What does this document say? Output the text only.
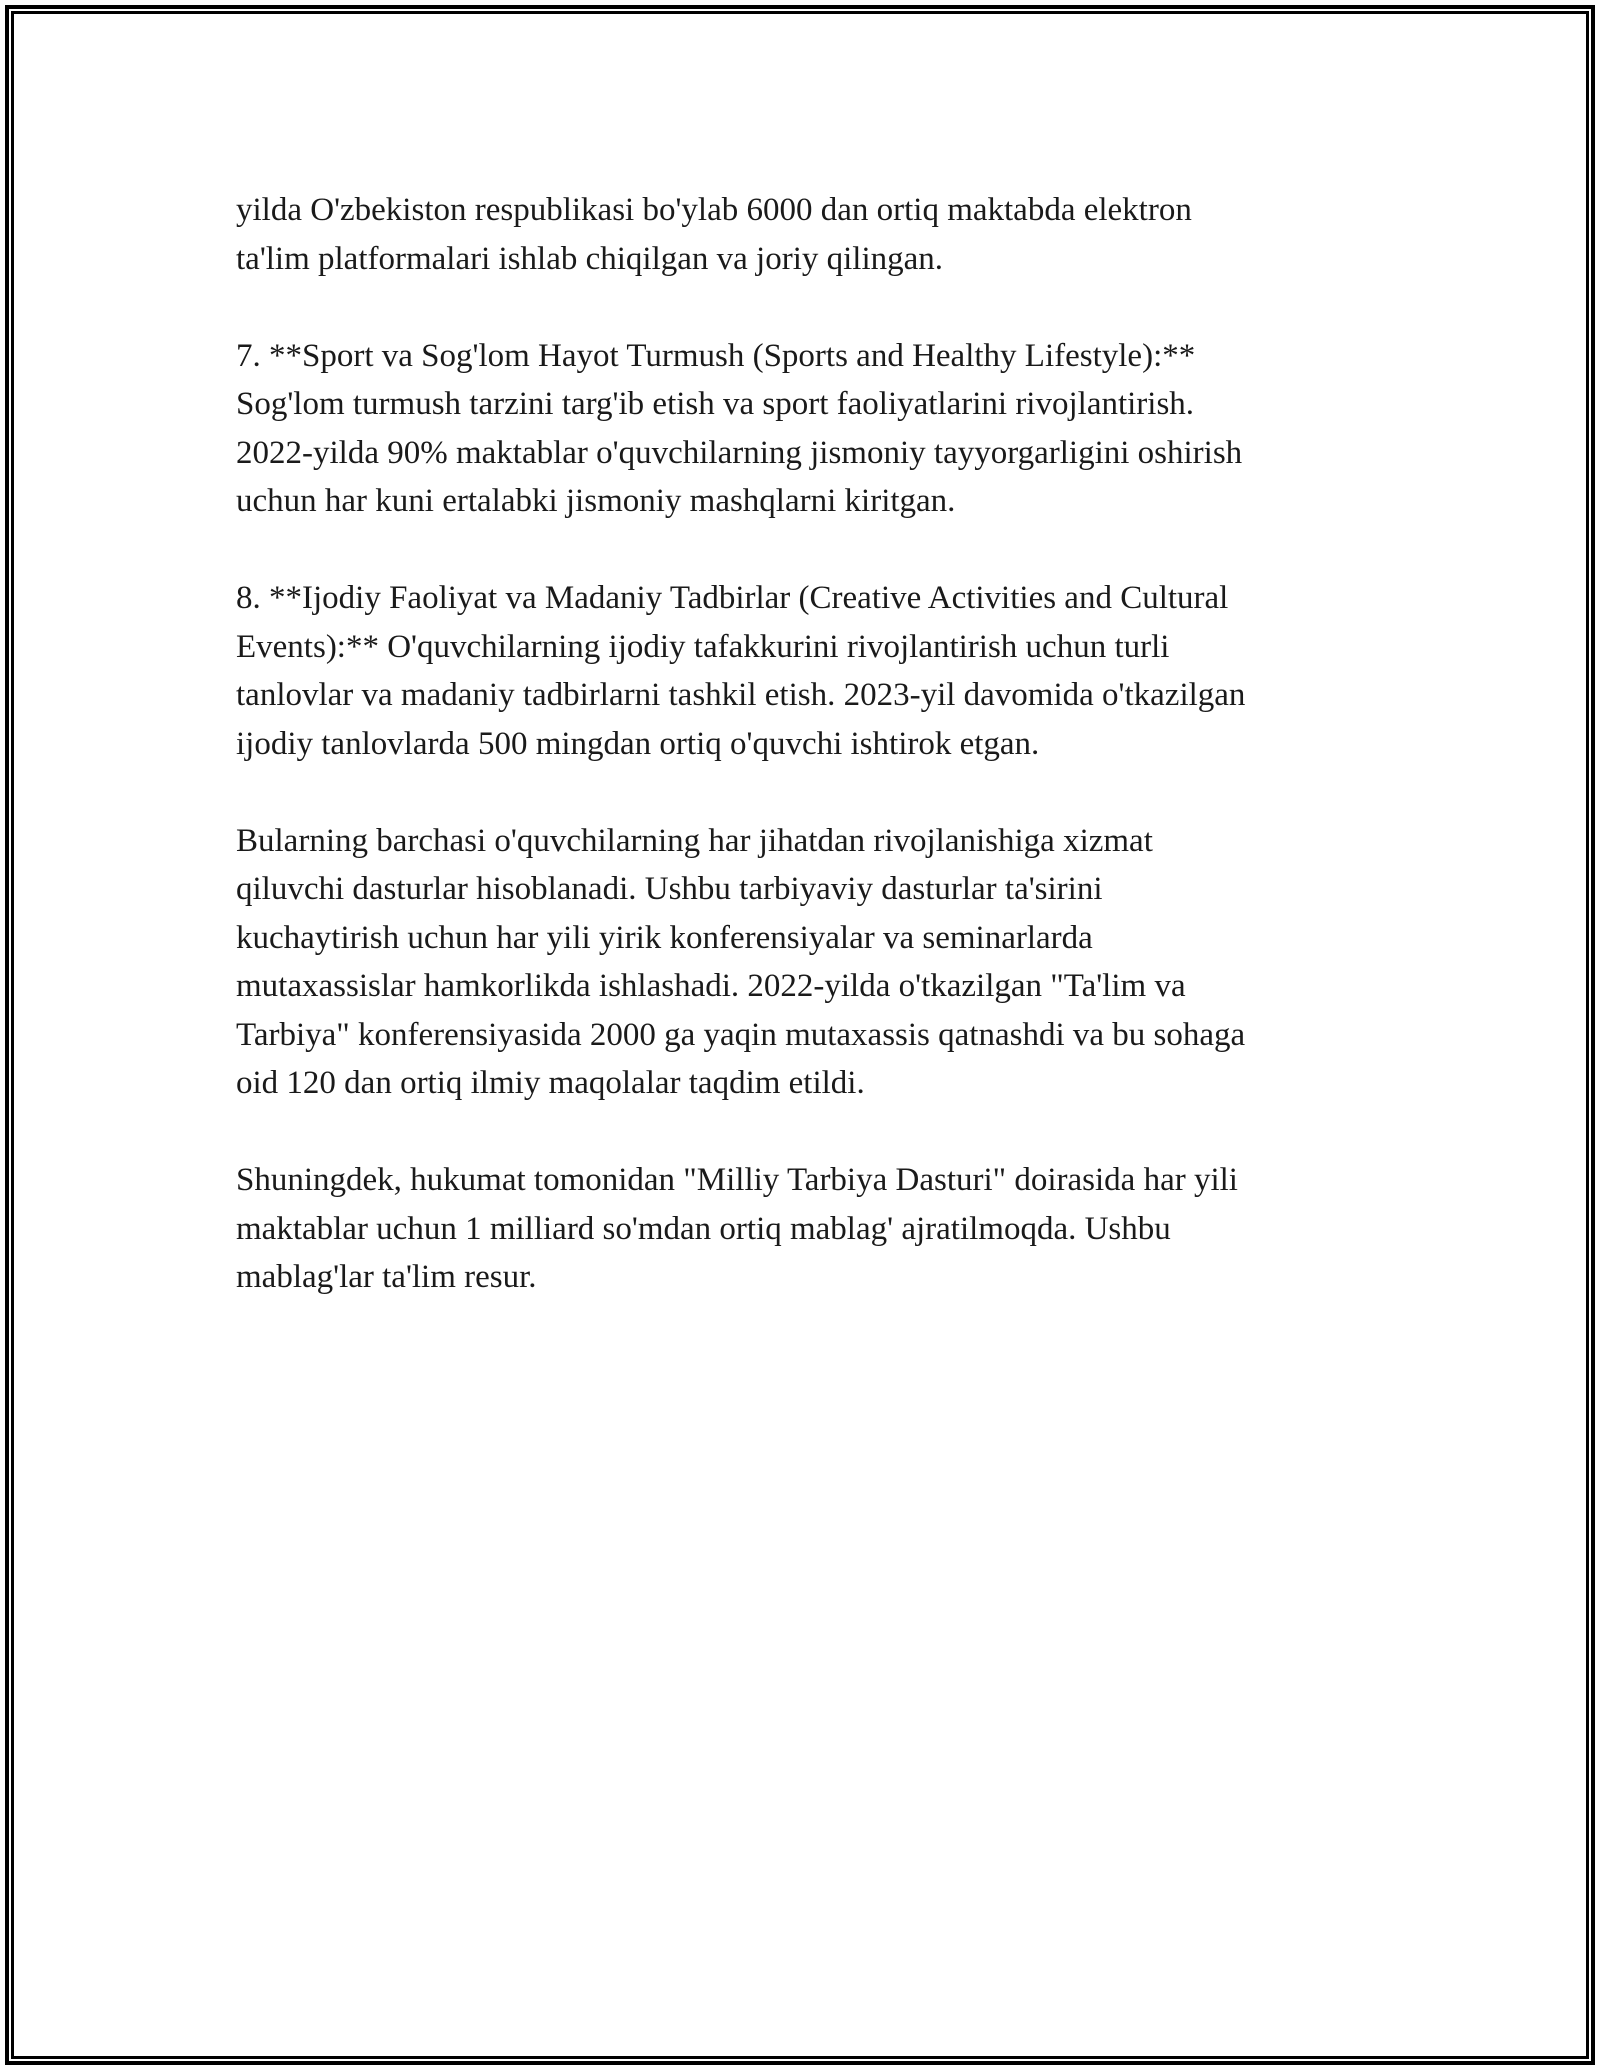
yilda O'zbekiston respublikasi bo'ylab 6000 dan ortiq maktabda elektron
ta'lim platformalari ishlab chiqilgan va joriy qilingan.

7. **Sport va Sog'lom Hayot Turmush (Sports and Healthy Lifestyle):**
Sog'lom turmush tarzini targ'ib etish va sport faoliyatlarini rivojlantirish.
2022-yilda 90% maktablar o'quvchilarning jismoniy tayyorgarligini oshirish
uchun har kuni ertalabki jismoniy mashqlarni kiritgan.

8. **Ijodiy Faoliyat va Madaniy Tadbirlar (Creative Activities and Cultural
Events):** O'quvchilarning ijodiy tafakkurini rivojlantirish uchun turli
tanlovlar va madaniy tadbirlarni tashkil etish. 2023-yil davomida o'tkazilgan
ijodiy tanlovlarda 500 mingdan ortiq o'quvchi ishtirok etgan.

Bularning barchasi o'quvchilarning har jihatdan rivojlanishiga xizmat
qiluvchi dasturlar hisoblanadi. Ushbu tarbiyaviy dasturlar ta'sirini
kuchaytirish uchun har yili yirik konferensiyalar va seminarlarda
mutaxassislar hamkorlikda ishlashadi. 2022-yilda o'tkazilgan "Ta'lim va
Tarbiya" konferensiyasida 2000 ga yaqin mutaxassis qatnashdi va bu sohaga
oid 120 dan ortiq ilmiy maqolalar taqdim etildi.

Shuningdek, hukumat tomonidan "Milliy Tarbiya Dasturi" doirasida har yili
maktablar uchun 1 milliard so'mdan ortiq mablag' ajratilmoqda. Ushbu
mablag'lar ta'lim resur.
